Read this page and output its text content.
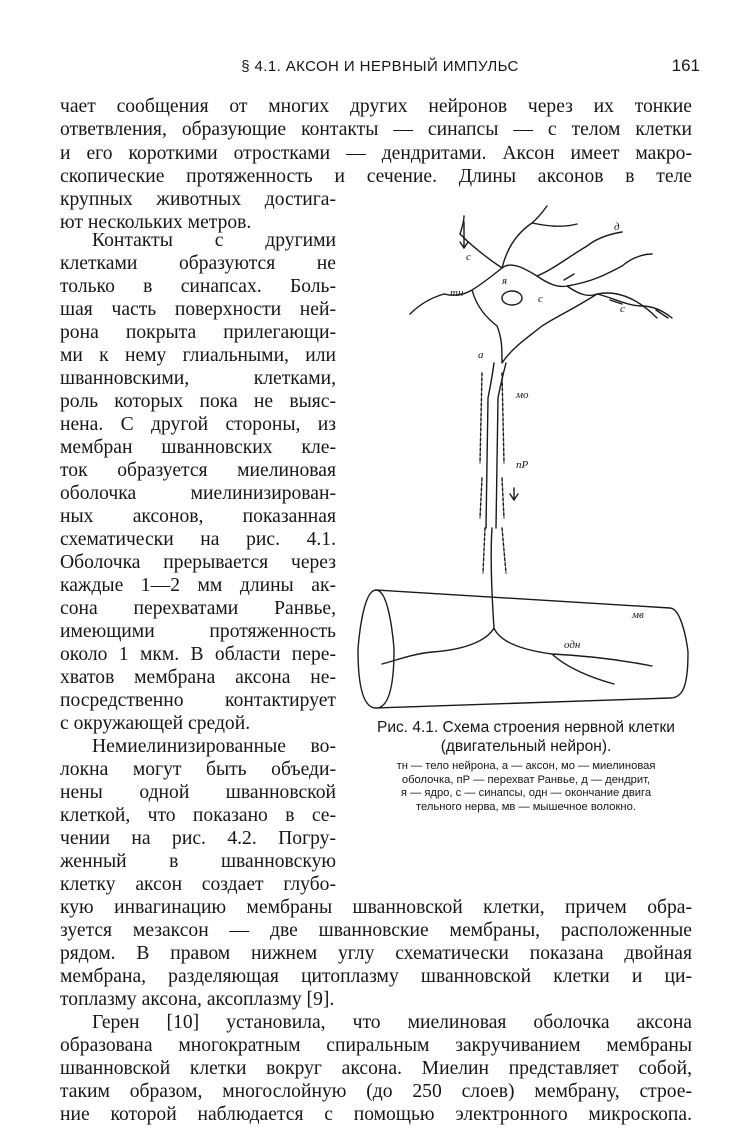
§ 4.1. АКСОН И НЕРВНЫЙ ИМПУЛЬС	161
чает сообщения от многих других нейронов через их тонкие
ответвления, образующие контакты — синапсы — с телом клетки
и его короткими отростками — дендритами. Аксон имеет макро-
скопические протяженность и сечение. Длины аксонов в теле
крупных животных достига-
ют нескольких метров.
Контакты с другими
клетками образуются не
только в синапсах. Боль-
шая часть поверхности ней-
рона покрыта прилегающи-
ми к нему глиальными, или
шванновскими, клетками,
роль которых пока не выяс-
нена. С другой стороны, из
мембран шванновских кле-
ток образуется миелиновая
оболочка миелинизирован-
ных аксонов, показанная
схематически на рис. 4.1.
Оболочка прерывается через
каждые 1—2 мм длины ак-
сона перехватами Ранвье,
имеющими протяженность
около 1 мкм. В области пере-
хватов мембрана аксона не-
посредственно контактирует
с окружающей средой.
Немиелинизированные во-
локна могут быть объеди-
нены одной шванновской
клеткой, что показано в се-
чении на рис. 4.2. Погру-
женный в шванновскую
клетку аксон создает глубо-
кую инвагинацию мембраны шванновской клетки, причем обра-
зуется мезаксон — две шванновские мембраны, расположенные
рядом. В правом нижнем углу схематически показана двойная
мембрана, разделяющая цитоплазму шванновской клетки и ци-
топлазму аксона, аксоплазму [9].
Герен [10] установила, что миелиновая оболочка аксона
образована многократным спиральным закручиванием мембраны
шванновской клетки вокруг аксона. Миелин представляет собой,
таким образом, многослойную (до 250 слоев) мембрану, строе-
ние которой наблюдается с помощью электронного микроскопа.
с
тн
я
с
с
д
а
мо
пР
мв
одн
Рис. 4.1. Схема строения нервной клетки
(двигательный нейрон).
тн — тело нейрона, а — аксон, мо — миелиновая
оболочка, пР — перехват Ранвье, д — дендрит,
я — ядро, с — синапсы, одн — окончание двига
тельного нерва, мв — мышечное волокно.
